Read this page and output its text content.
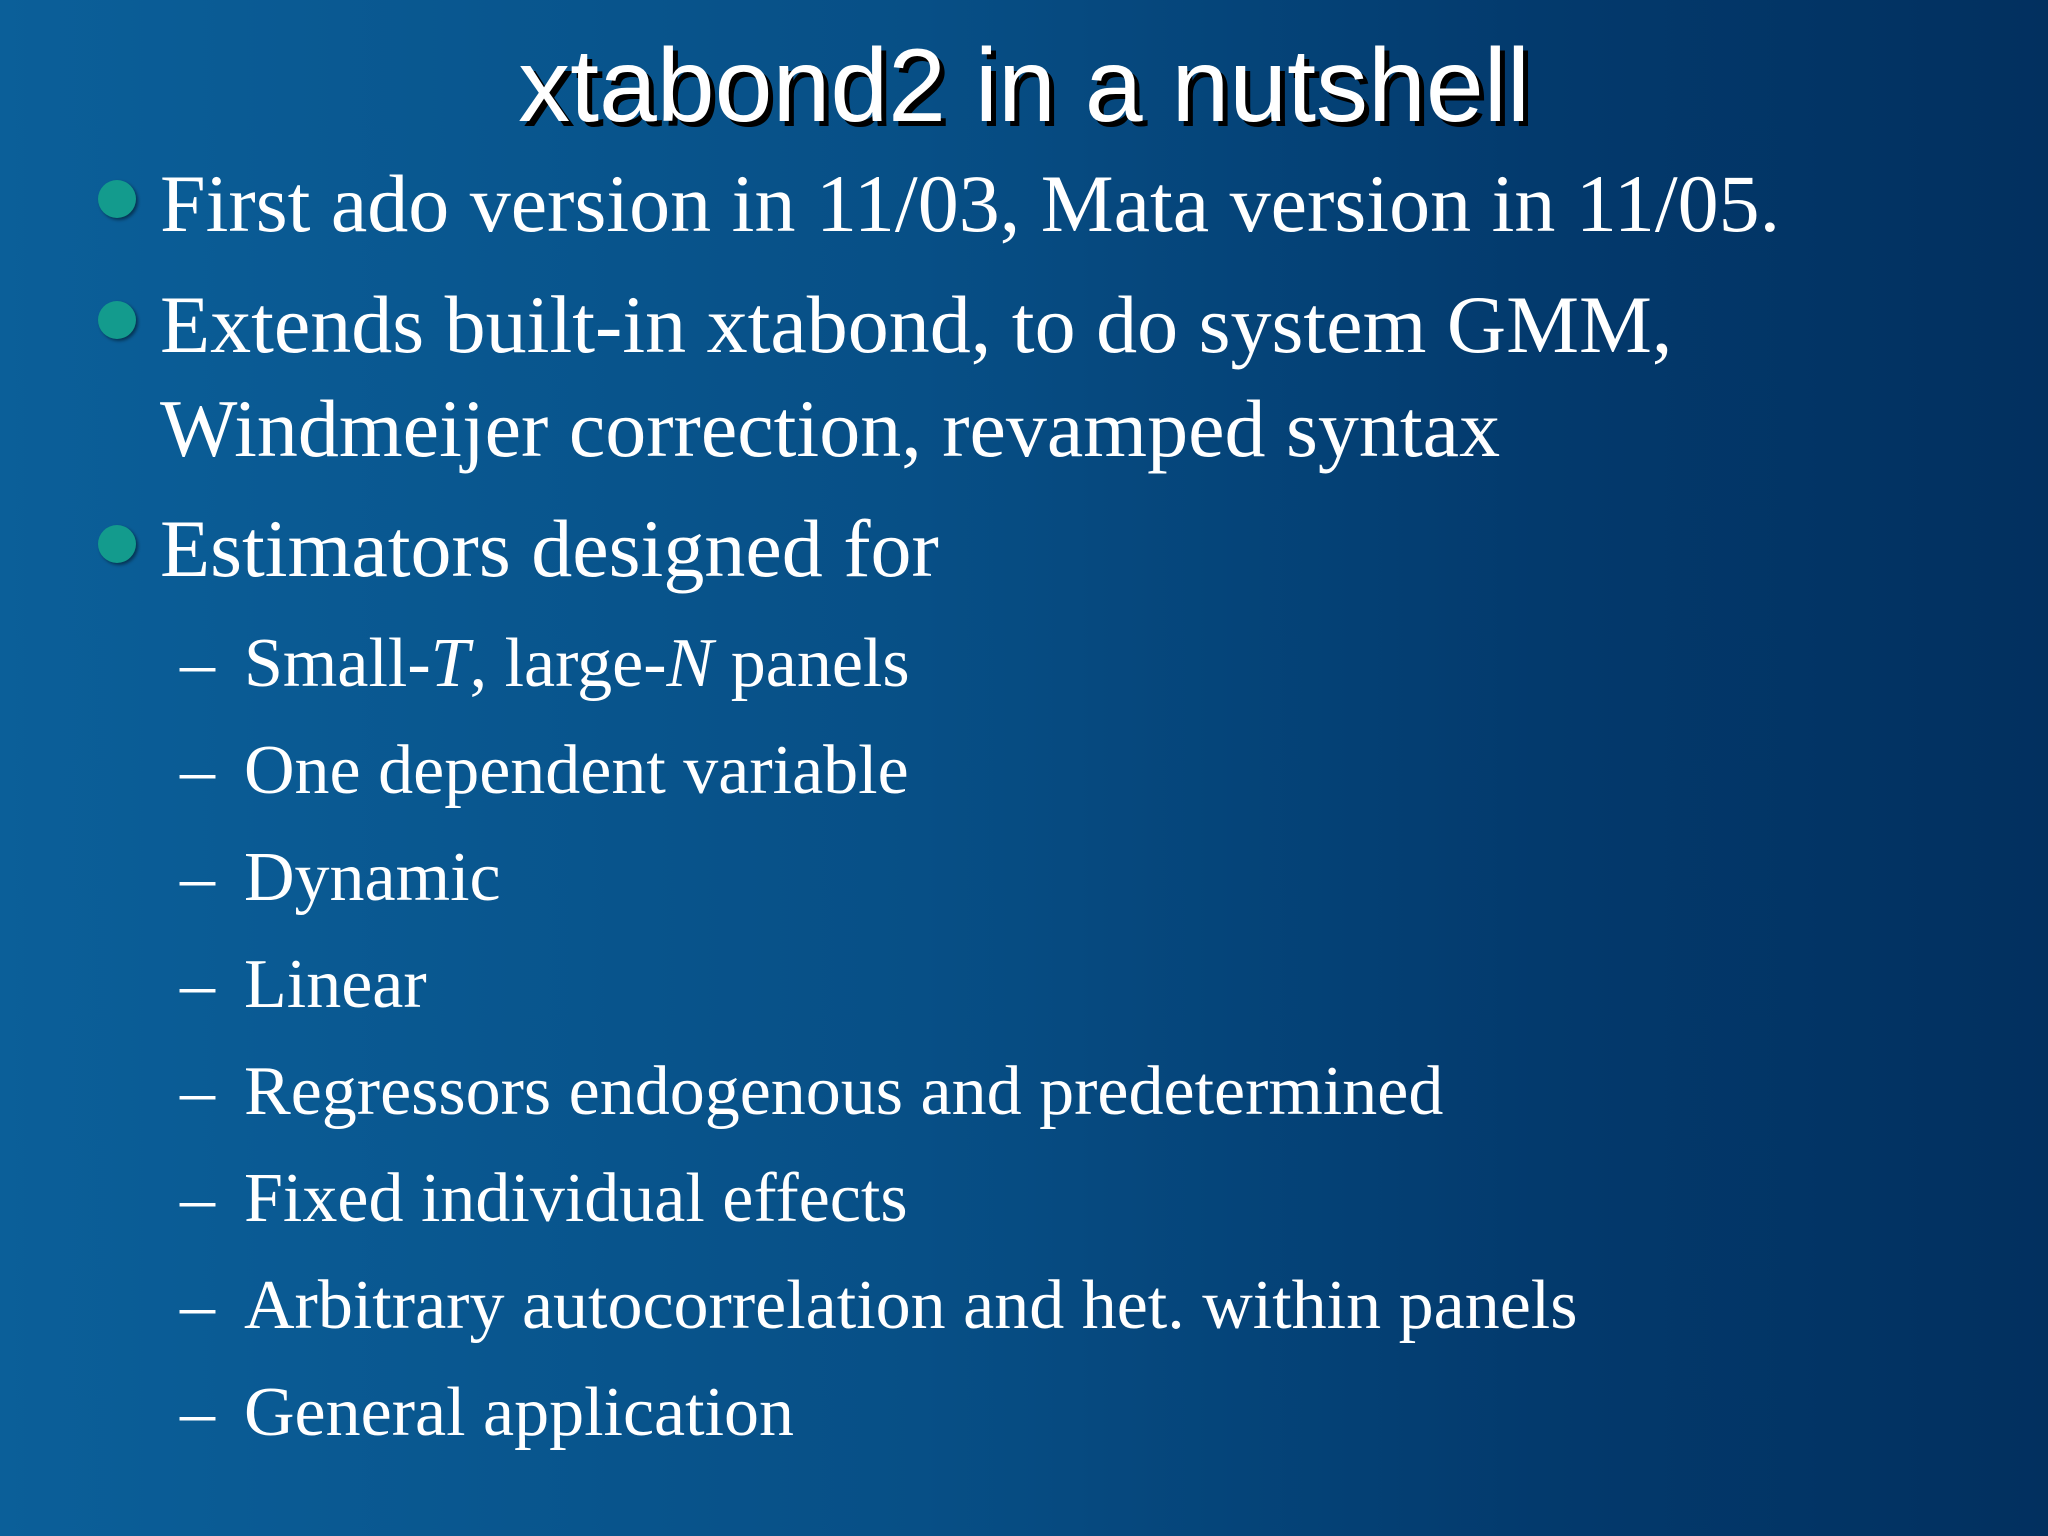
xtabond2 in a nutshell
First ado version in 11/03, Mata version in 11/05.
Extends built-in xtabond, to do system GMM,
Windmeijer correction, revamped syntax
Estimators designed for
– Small-T, large-N panels
– One dependent variable
– Dynamic
– Linear
– Regressors endogenous and predetermined
– Fixed individual effects
– Arbitrary autocorrelation and het. within panels
– General application
